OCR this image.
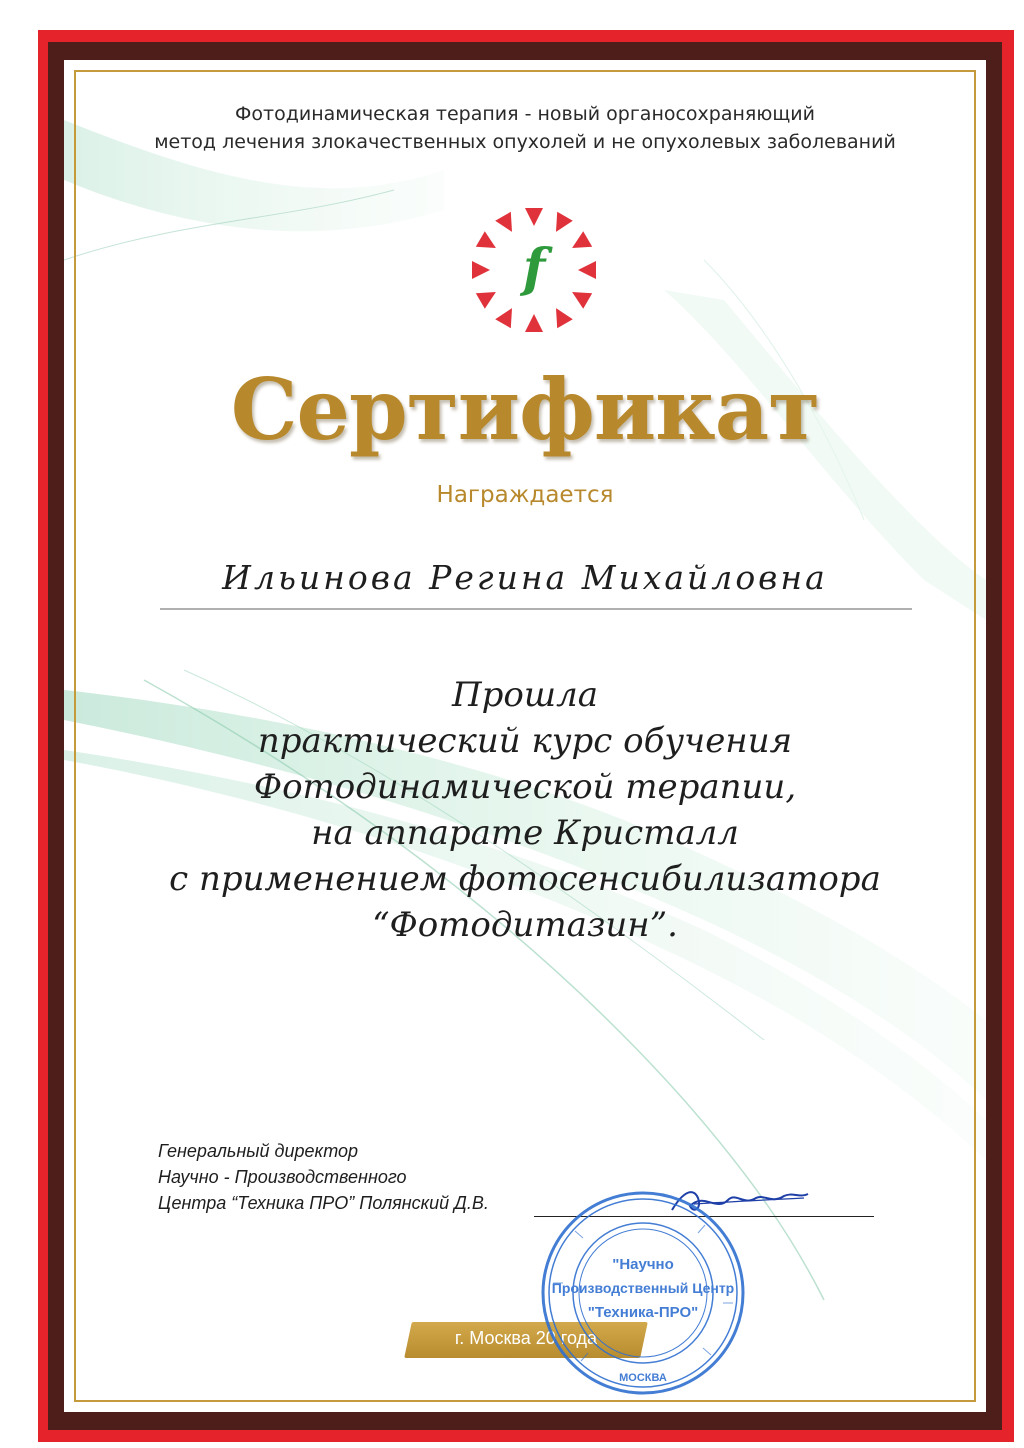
Фотодинамическая терапия - новый органосохраняющий
метод лечения злокачественных опухолей и не опухолевых заболеваний
f
Сертификат
Награждается
Ильинова Регина Михайловна
Прошла
практический курс обучения
Фотодинамической терапии,
на аппарате Кристалл
с применением фотосенсибилизатора
“Фотодитазин”.
Генеральный директор
Научно - Производственного
Центра “Техника ПРО” Полянский Д.В.
г. Москва 20 года
"Научно
Производственный Центр
"Техника-ПРО"
МОСКВА
